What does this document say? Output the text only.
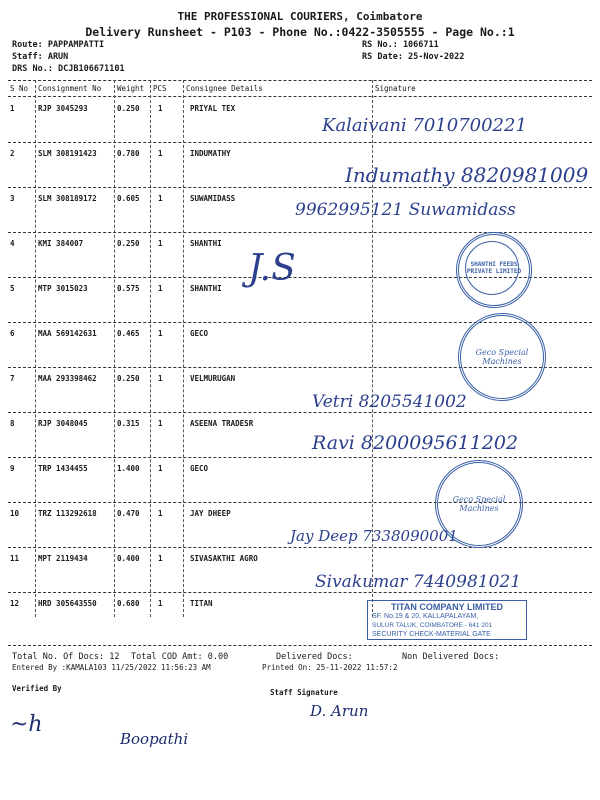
THE PROFESSIONAL COURIERS, Coimbatore
Delivery Runsheet - P103 - Phone No.:0422-3505555 - Page No.:1
Route: PAPPAMPATTI
Staff: ARUN
DRS No.: DCJB106671101
RS No.: 1066711
RS Date: 25-Nov-2022
S No Consignment No Weight PCS	Consignee Details	Signature
1	RJP 3045293	0.250 1	PRIYAL TEX
2	SLM 308191423	0.780 1	INDUMATHY
3	SLM 308189172	0.605 1	SUWAMIDASS
4	KMI 384007	0.250 1	SHANTHI
5	MTP 3015023	0.575 1	SHANTHI
6	MAA 569142631	0.465 1	GECO
7	MAA 293398462	0.250 1	VELMURUGAN
8	RJP 3048045	0.315 1	ASEENA TRADESR
9	TRP 1434455	1.400 1	GECO
10	TRZ 113292618	0.470 1	JAY DHEEP
11	MPT 2119434	0.400 1	SIVASAKTHI AGRO
12	HRD 305643550	0.680 1	TITAN
Kalaivani 7010700221
Indumathy 8820981009
9962995121 Suwamidass
J.S
Vetri 8205541002
Ravi 8200095611202
Jay Deep 7338090001
Sivakumar 7440981021
SHANTHI FEEDS PRIVATE LIMITED
Geco Special Machines
Geco Special Machines
TITAN COMPANY LIMITED
SF. No.19 & 20, KALLAPALAYAM,
SULUR TALUK, COIMBATORE - 641 201
SECURITY CHECK-MATERIAL GATE
Total No. Of Docs: 12 Total COD Amt: 0.00	Delivered Docs:	Non Delivered Docs:
Entered By :KAMALA103 11/25/2022 11:56:23 AM	Printed On: 25-11-2022 11:57:2
Verified By	Staff Signature
D. Arun
~h
Boopathi
